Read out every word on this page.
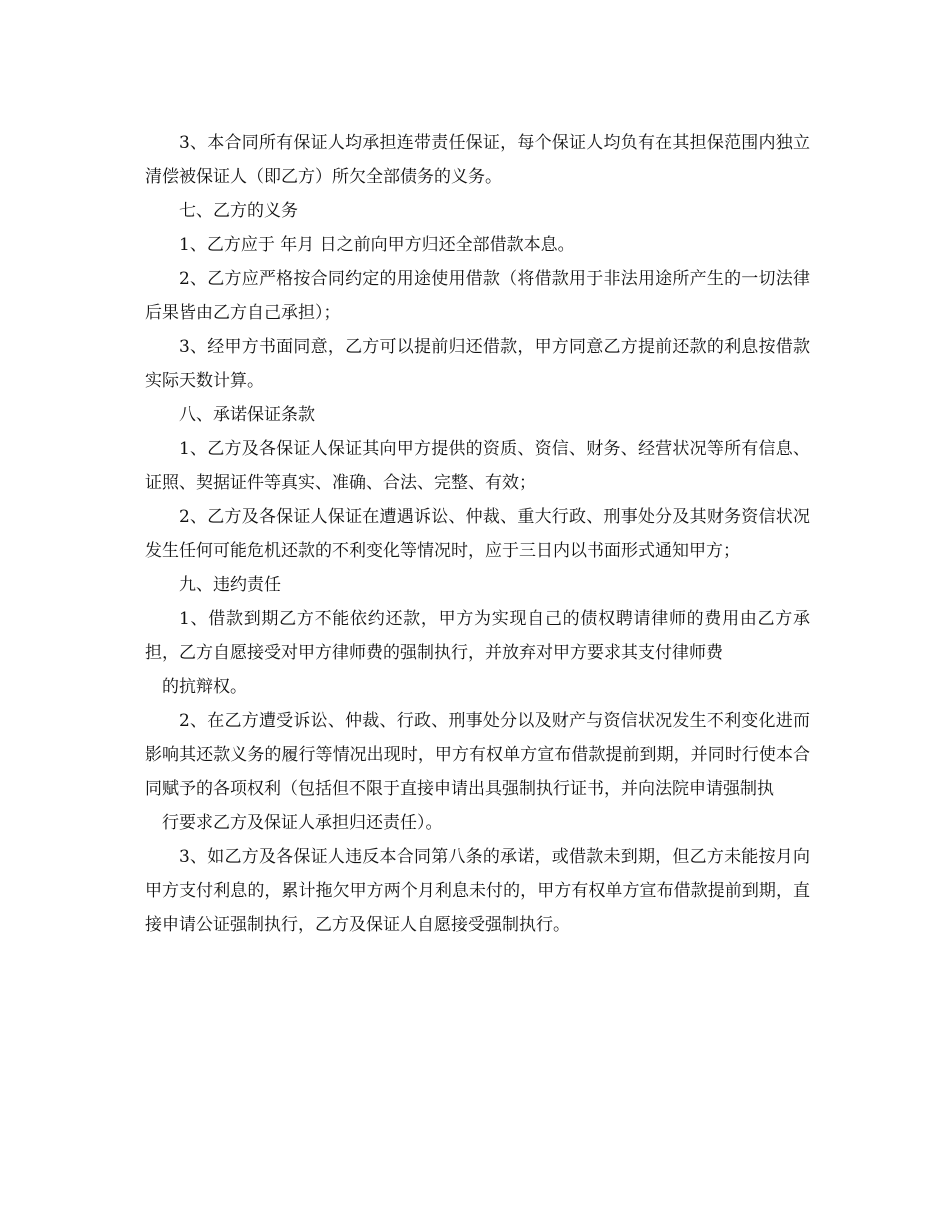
3、本合同所有保证人均承担连带责任保证，每个保证人均负有在其担保范围内独立清偿被保证人（即乙方）所欠全部债务的义务。

七、乙方的义务

1、乙方应于 年月 日之前向甲方归还全部借款本息。

2、乙方应严格按合同约定的用途使用借款（将借款用于非法用途所产生的一切法律后果皆由乙方自己承担）；

3、经甲方书面同意，乙方可以提前归还借款，甲方同意乙方提前还款的利息按借款实际天数计算。

八、承诺保证条款

1、乙方及各保证人保证其向甲方提供的资质、资信、财务、经营状况等所有信息、证照、契据证件等真实、准确、合法、完整、有效；

2、乙方及各保证人保证在遭遇诉讼、仲裁、重大行政、刑事处分及其财务资信状况发生任何可能危机还款的不利变化等情况时，应于三日内以书面形式通知甲方；

九、违约责任

1、借款到期乙方不能依约还款，甲方为实现自己的债权聘请律师的费用由乙方承担，乙方自愿接受对甲方律师费的强制执行，并放弃对甲方要求其支付律师费

的抗辩权。

2、在乙方遭受诉讼、仲裁、行政、刑事处分以及财产与资信状况发生不利变化进而影响其还款义务的履行等情况出现时，甲方有权单方宣布借款提前到期，并同时行使本合同赋予的各项权利（包括但不限于直接申请出具强制执行证书，并向法院申请强制执

行要求乙方及保证人承担归还责任）。

3、如乙方及各保证人违反本合同第八条的承诺，或借款未到期，但乙方未能按月向甲方支付利息的，累计拖欠甲方两个月利息未付的，甲方有权单方宣布借款提前到期，直接申请公证强制执行，乙方及保证人自愿接受强制执行。
